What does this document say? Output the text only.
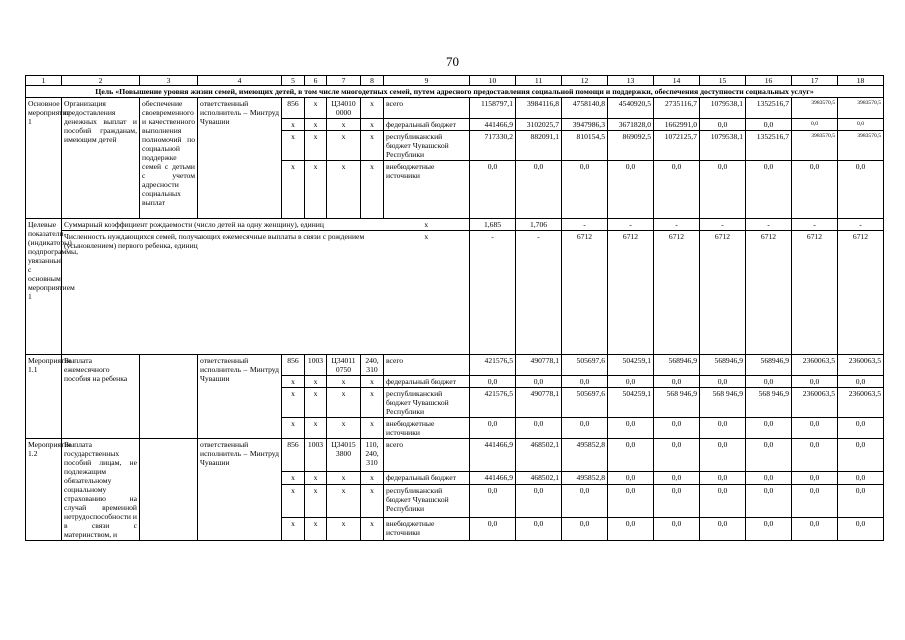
70
1	2	3	4	5	6	7	8	9	10	11	12	13	14	15	16	17	18
Цель «Повышение уровня жизни семей, имеющих детей, в том числе многодетных семей, путем адресного предоставления социальной помощи и поддержки, обеспечения доступности социальных услуг»																	
Основное мероприятие 1	Организация предоставления денежных выплат и пособий гражданам, имеющим детей	обеспечение своевременного и качественного выполнения полномочий по социальной поддержке семей с детьми с учетом адресности социальных выплат	ответственный исполнитель – Минтруд Чувашии	856	x	Ц34010 0000	x	всего	1158797,1	3984116,8	4758140,8	4540920,5	2735116,7	1079538,1	1352516,7	3983570,5	3983570,5
				x	x	x	x	федеральный бюджет	441466,9	3102025,7	3947986,3	3671828,0	1662991,0	0,0	0,0	0,0	0,0
				x	x	x	x	республиканский бюджет Чувашской Республики	717330,2	882091,1	810154,5	869092,5	1072125,7	1079538,1	1352516,7	3983570,5	3983570,5
				x	x	x	x	внебюджетные источники	0,0	0,0	0,0	0,0	0,0	0,0	0,0	0,0	0,0
Целевые показатели (индикаторы) подпрограммы, увязанные с основным мероприятием 1	Суммарный коэффициент рождаемости (число детей на одну женщину), единиц							x	1,685	1,706	-	-	-	-	-	-	-
	Численность нуждающихся семей, получающих ежемесячные выплаты в связи с рождением (усыновлением) первого ребенка, единиц							x	-	-	6712	6712	6712	6712	6712	6712	6712
Мероприятие 1.1	Выплата ежемесячного пособия на ребенка		ответственный исполнитель – Минтруд Чувашии	856	1003	Ц34011 0750	240, 310	всего	421576,5	490778,1	505697,6	504259,1	568946,9	568946,9	568946,9	2360063,5	2360063,5
				x	x	x	x	федеральный бюджет	0,0	0,0	0,0	0,0	0,0	0,0	0,0	0,0	0,0
				x	x	x	x	республиканский бюджет Чувашской Республики	421576,5	490778,1	505697,6	504259,1	568 946,9	568 946,9	568 946,9	2360063,5	2360063,5
				x	x	x	x	внебюджетные источники	0,0	0,0	0,0	0,0	0,0	0,0	0,0	0,0	0,0
Мероприятие 1.2	Выплата государственных пособий лицам, не подлежащим обязательному социальному страхованию на случай временной нетрудоспособности и в связи с материнством, и		ответственный исполнитель – Минтруд Чувашии	856	1003	Ц34015 3800	110, 240, 310	всего	441466,9	468502,1	495852,8	0,0	0,0	0,0	0,0	0,0	0,0
				x	x	x	x	федеральный бюджет	441466,9	468502,1	495852,8	0,0	0,0	0,0	0,0	0,0	0,0
				x	x	x	x	республиканский бюджет Чувашской Республики	0,0	0,0	0,0	0,0	0,0	0,0	0,0	0,0	0,0
				x	x	x	x	внебюджетные источники	0,0	0,0	0,0	0,0	0,0	0,0	0,0	0,0	0,0
